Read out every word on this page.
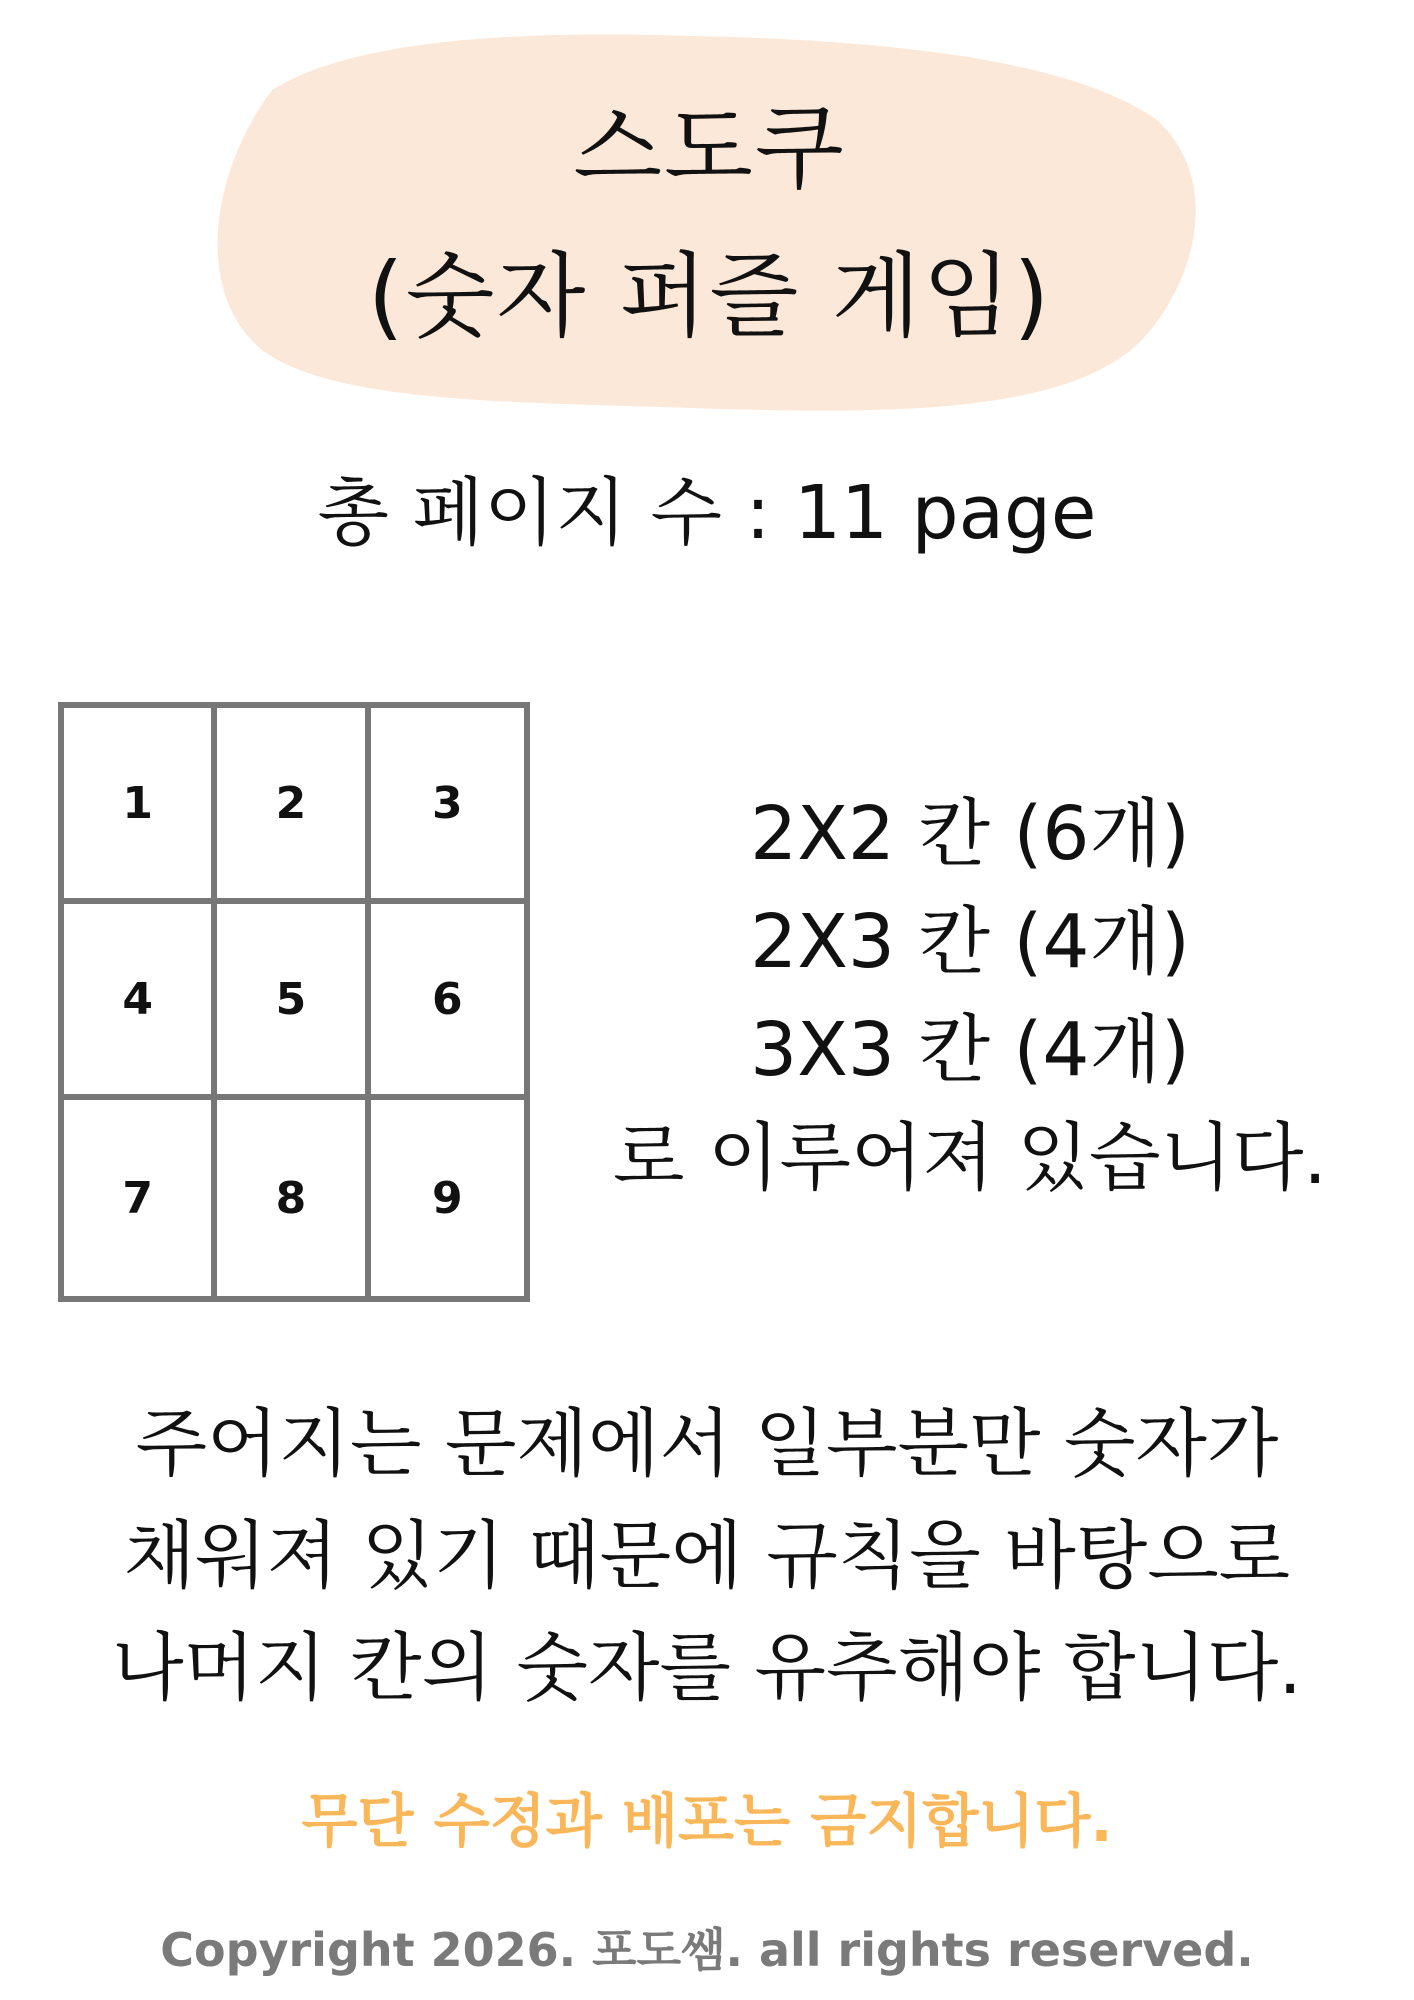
스도쿠
(숫자 퍼즐 게임)
총 페이지 수 : 11 page
1	2	3
4	5	6
7	8	9
2X2 칸 (6개)
2X3 칸 (4개)
3X3 칸 (4개)
로 이루어져 있습니다.
주어지는 문제에서 일부분만 숫자가
채워져 있기 때문에 규칙을 바탕으로
나머지 칸의 숫자를 유추해야 합니다.
무단 수정과 배포는 금지합니다.
Copyright 2026. 포도쌤. all rights reserved.
